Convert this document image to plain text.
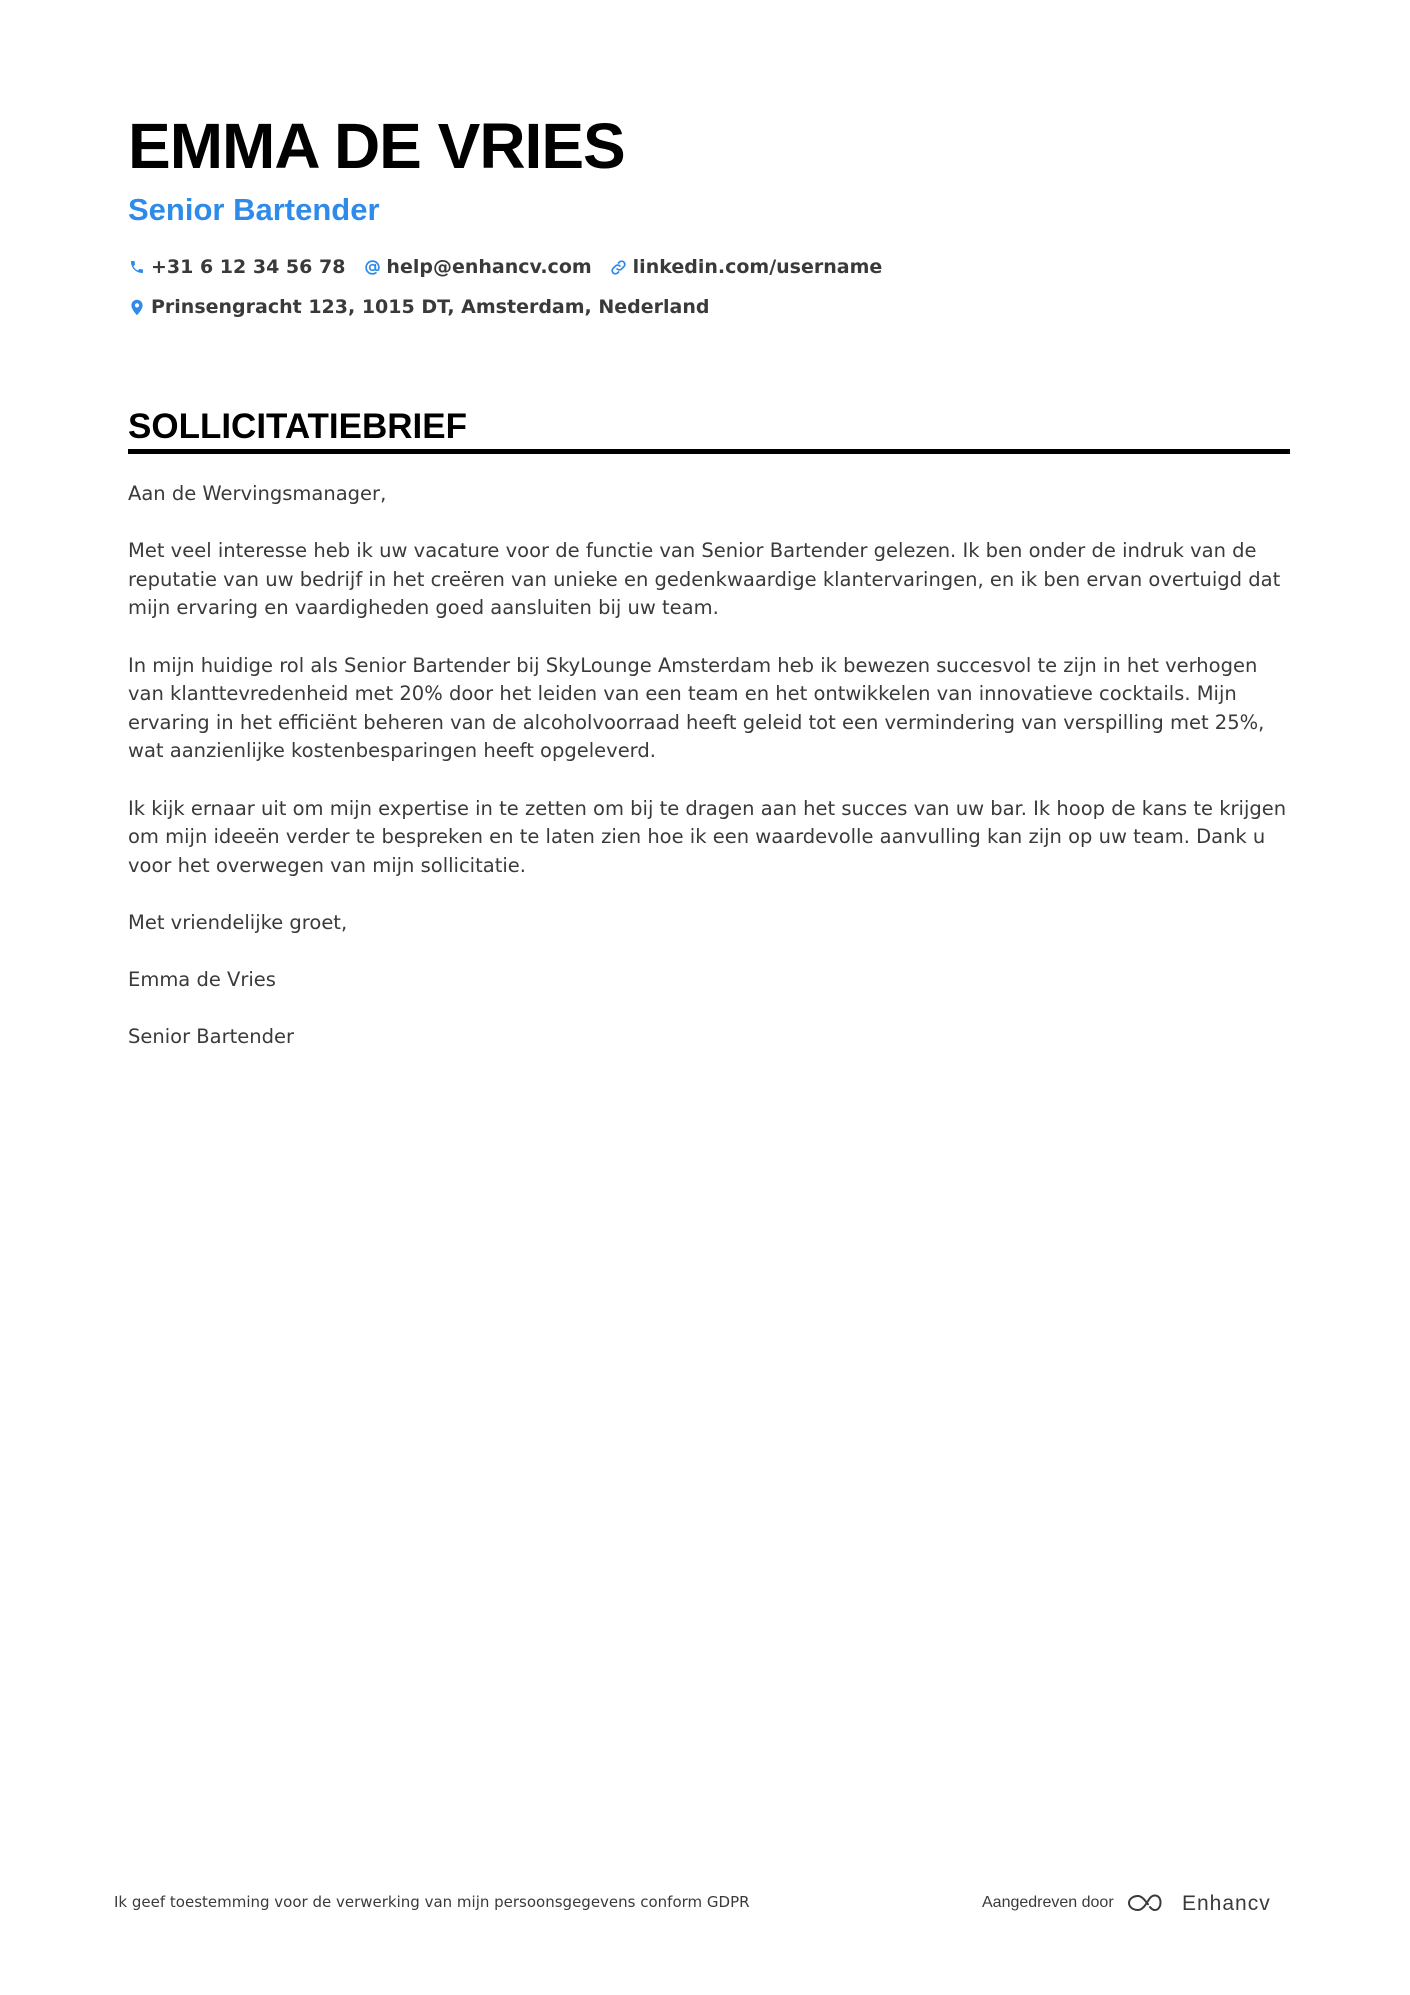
EMMA DE VRIES
Senior Bartender
+31 6 12 34 56 78 help@enhancv.com linkedin.com/username
Prinsengracht 123, 1015 DT, Amsterdam, Nederland
SOLLICITATIEBRIEF

Aan de Wervingsmanager,

Met veel interesse heb ik uw vacature voor de functie van Senior Bartender gelezen. Ik ben onder de indruk van de reputatie van uw bedrijf in het creëren van unieke en gedenkwaardige klantervaringen, en ik ben ervan overtuigd dat mijn ervaring en vaardigheden goed aansluiten bij uw team.

In mijn huidige rol als Senior Bartender bij SkyLounge Amsterdam heb ik bewezen succesvol te zijn in het verhogen van klanttevredenheid met 20% door het leiden van een team en het ontwikkelen van innovatieve cocktails. Mijn ervaring in het efficiënt beheren van de alcoholvoorraad heeft geleid tot een vermindering van verspilling met 25%, wat aanzienlijke kostenbesparingen heeft opgeleverd.

Ik kijk ernaar uit om mijn expertise in te zetten om bij te dragen aan het succes van uw bar. Ik hoop de kans te krijgen om mijn ideeën verder te bespreken en te laten zien hoe ik een waardevolle aanvulling kan zijn op uw team. Dank u voor het overwegen van mijn sollicitatie.

Met vriendelijke groet,

Emma de Vries

Senior Bartender

Ik geef toestemming voor de verwerking van mijn persoonsgegevens conform GDPR	Aangedreven door	Enhancv
